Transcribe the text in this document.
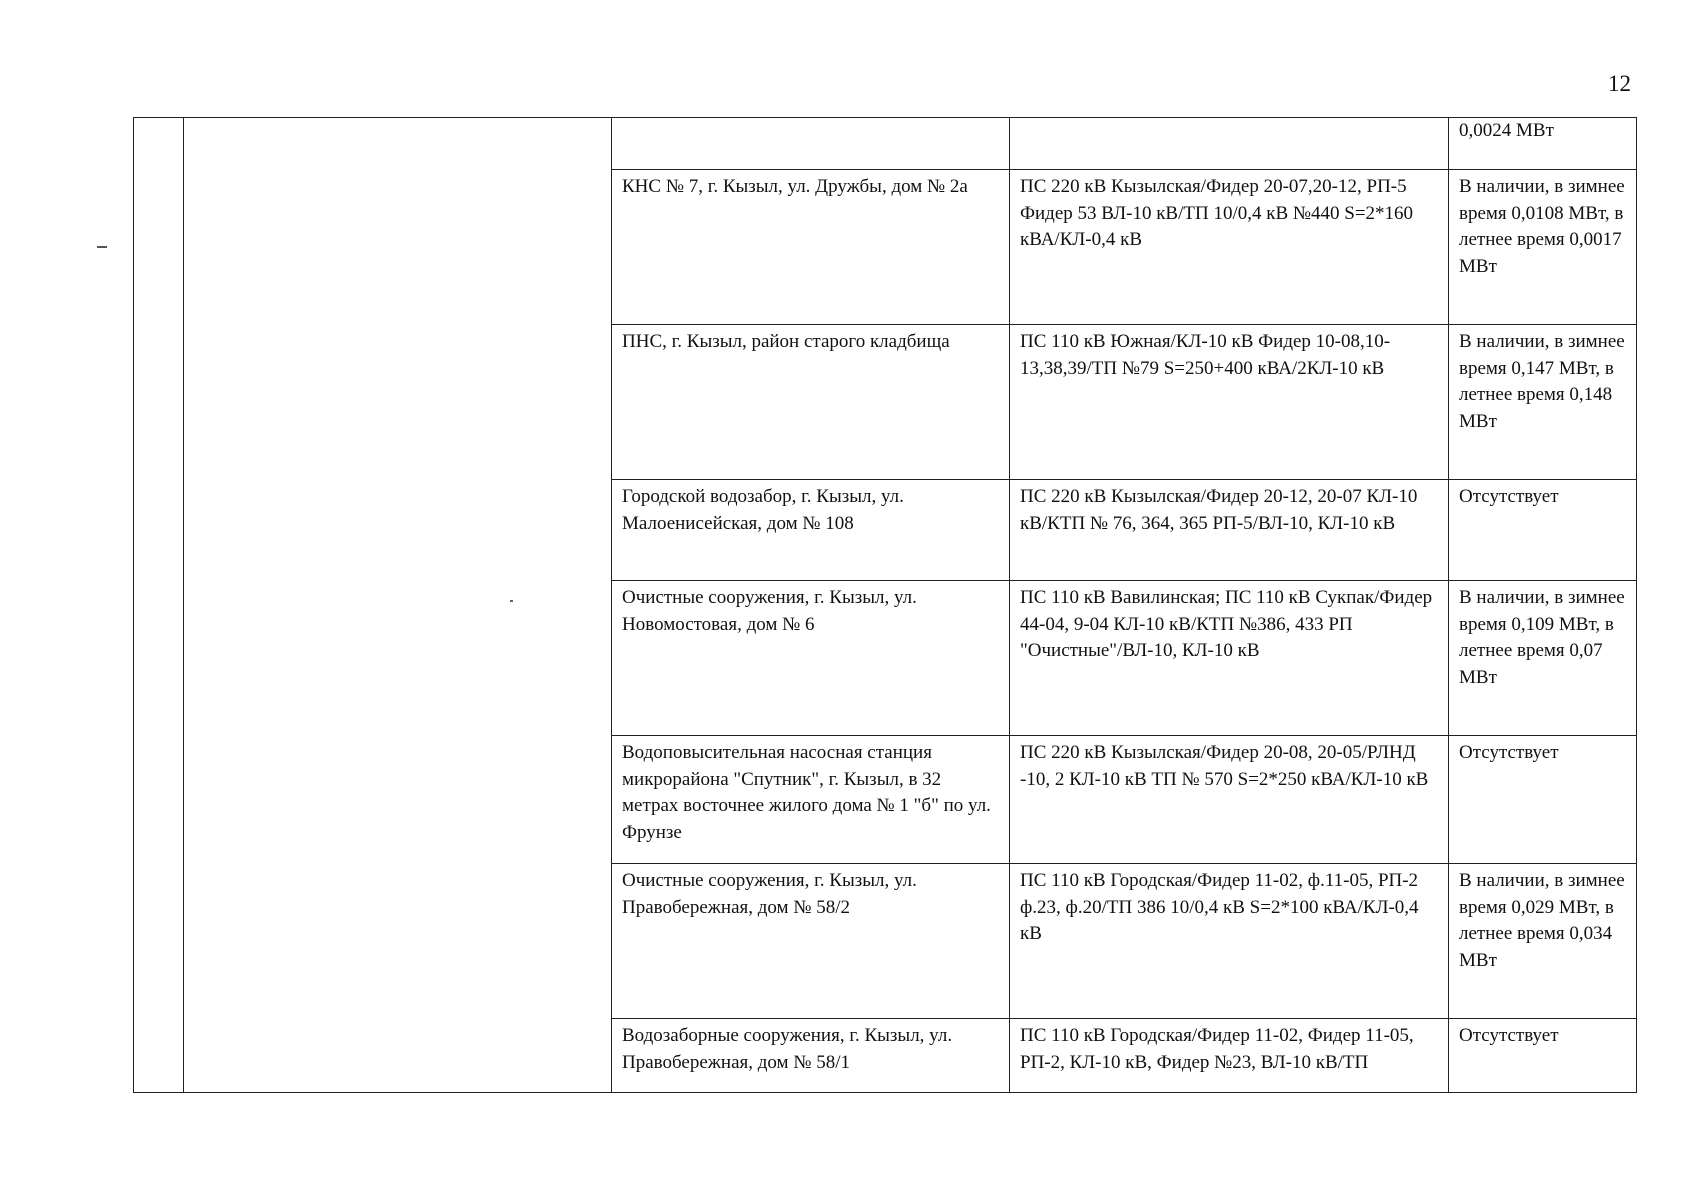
12
				0,0024 МВт
		КНС № 7, г. Кызыл, ул. Дружбы, дом № 2а	ПС 220 кВ Кызылская/Фидер 20-07,20-12, РП-5 Фидер 53 ВЛ-10 кВ/ТП 10/0,4 кВ №440 S=2*160 кВА/КЛ-0,4 кВ	В наличии, в зимнее время 0,0108 МВт, в летнее время 0,0017 МВт
		ПНС, г. Кызыл, район старого кладбища	ПС 110 кВ Южная/КЛ-10 кВ Фидер 10-08,10-13,38,39/ТП №79 S=250+400 кВА/2КЛ-10 кВ	В наличии, в зимнее время 0,147 МВт, в летнее время 0,148 МВт
		Городской водозабор, г. Кызыл, ул. Малоенисейская, дом № 108	ПС 220 кВ Кызылская/Фидер 20-12, 20-07 КЛ-10 кВ/КТП № 76, 364, 365 РП-5/ВЛ-10, КЛ-10 кВ	Отсутствует
		Очистные сооружения, г. Кызыл, ул. Новомостовая, дом № 6	ПС 110 кВ Вавилинская; ПС 110 кВ Сукпак/Фидер 44-04, 9-04 КЛ-10 кВ/КТП №386, 433 РП "Очистные"/ВЛ-10, КЛ-10 кВ	В наличии, в зимнее время 0,109 МВт, в летнее время 0,07 МВт
		Водоповысительная насосная станция микрорайона "Спутник", г. Кызыл, в 32 метрах восточнее жилого дома № 1 "б" по ул. Фрунзе	ПС 220 кВ Кызылская/Фидер 20-08, 20-05/РЛНД -10, 2 КЛ-10 кВ ТП № 570 S=2*250 кВА/КЛ-10 кВ	Отсутствует
		Очистные сооружения, г. Кызыл, ул. Правобережная, дом № 58/2	ПС 110 кВ Городская/Фидер 11-02, ф.11-05, РП-2 ф.23, ф.20/ТП 386 10/0,4 кВ S=2*100 кВА/КЛ-0,4 кВ	В наличии, в зимнее время 0,029 МВт, в летнее время 0,034 МВт
		Водозаборные сооружения, г. Кызыл, ул. Правобережная, дом № 58/1	ПС 110 кВ Городская/Фидер 11-02, Фидер 11-05, РП-2, КЛ-10 кВ, Фидер №23, ВЛ-10 кВ/ТП	Отсутствует
